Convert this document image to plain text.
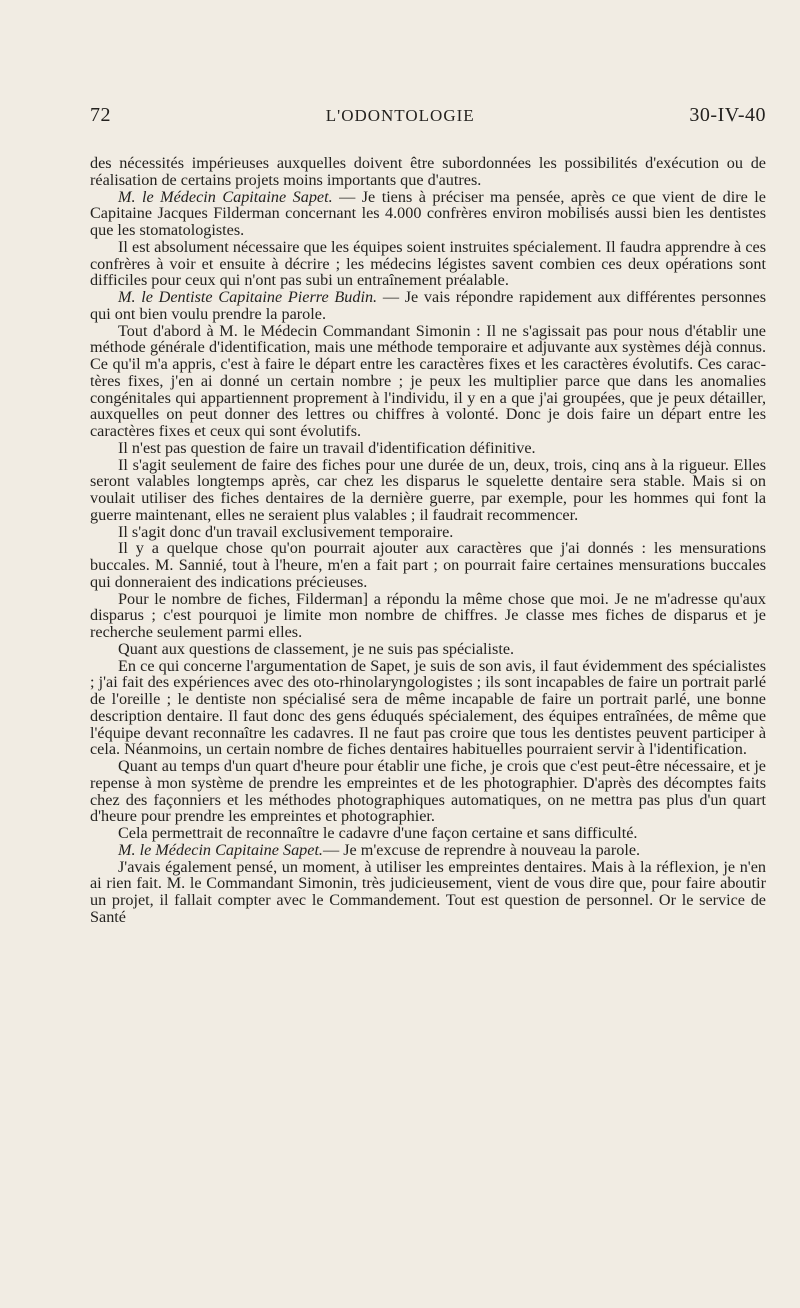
72	L'ODONTOLOGIE	30-IV-40

des nécessités impérieuses auxquelles doivent être subordonnées les possibilités d'exécution ou de réalisation de certains projets moins importants que d'autres.

M. le Médecin Capitaine Sapet. — Je tiens à préciser ma pensée, après ce que vient de dire le Capitaine Jacques Filderman concernant les 4.000 confrères environ mobilisés aussi bien les dentistes que les stomatologistes.

Il est absolument nécessaire que les équipes soient instruites spécialement. Il faudra apprendre à ces confrères à voir et ensuite à décrire ; les médecins légistes savent combien ces deux opérations sont difficiles pour ceux qui n'ont pas subi un entraînement préalable.

M. le Dentiste Capitaine Pierre Budin. — Je vais répondre rapidement aux différentes personnes qui ont bien voulu prendre la parole.

Tout d'abord à M. le Médecin Commandant Simonin : Il ne s'agissait pas pour nous d'établir une méthode générale d'identification, mais une méthode temporaire et adjuvante aux systèmes déjà connus. Ce qu'il m'a appris, c'est à faire le départ entre les caractères fixes et les caractères évolutifs. Ces caractères fixes, j'en ai donné un certain nombre ; je peux les multiplier parce que dans les anomalies congénitales qui appartiennent proprement à l'individu, il y en a que j'ai groupées, que je peux détailler, auxquelles on peut donner des lettres ou chiffres à volonté. Donc je dois faire un départ entre les caractères fixes et ceux qui sont évolutifs.

Il n'est pas question de faire un travail d'identification définitive.

Il s'agit seulement de faire des fiches pour une durée de un, deux, trois, cinq ans à la rigueur. Elles seront valables longtemps après, car chez les disparus le squelette dentaire sera stable. Mais si on voulait utiliser des fiches dentaires de la dernière guerre, par exemple, pour les hommes qui font la guerre maintenant, elles ne seraient plus valables ; il faudrait recommencer.

Il s'agit donc d'un travail exclusivement temporaire.

Il y a quelque chose qu'on pourrait ajouter aux caractères que j'ai donnés : les mensurations buccales. M. Sannié, tout à l'heure, m'en a fait part ; on pourrait faire certaines mensurations buccales qui donneraient des indications précieuses.

Pour le nombre de fiches, Filderman] a répondu la même chose que moi. Je ne m'adresse qu'aux disparus ; c'est pourquoi je limite mon nombre de chiffres. Je classe mes fiches de disparus et je recherche seulement parmi elles.

Quant aux questions de classement, je ne suis pas spécialiste.

En ce qui concerne l'argumentation de Sapet, je suis de son avis, il faut évidemment des spécialistes ; j'ai fait des expériences avec des oto-rhinolaryngologistes ; ils sont incapables de faire un portrait parlé de l'oreille ; le dentiste non spécialisé sera de même incapable de faire un portrait parlé, une bonne description dentaire. Il faut donc des gens éduqués spécialement, des équipes entraînées, de même que l'équipe devant reconnaître les cadavres. Il ne faut pas croire que tous les dentistes peuvent participer à cela. Néanmoins, un certain nombre de fiches dentaires habituelles pourraient servir à l'identification.

Quant au temps d'un quart d'heure pour établir une fiche, je crois que c'est peut-être nécessaire, et je repense à mon système de prendre les empreintes et de les photographier. D'après des décomptes faits chez des façonniers et les méthodes photographiques automatiques, on ne mettra pas plus d'un quart d'heure pour prendre les empreintes et photographier.

Cela permettrait de reconnaître le cadavre d'une façon certaine et sans difficulté.

M. le Médecin Capitaine Sapet.— Je m'excuse de reprendre à nouveau la parole.

J'avais également pensé, un moment, à utiliser les empreintes dentaires. Mais à la réflexion, je n'en ai rien fait. M. le Commandant Simonin, très judicieusement, vient de vous dire que, pour faire aboutir un projet, il fallait compter avec le Commandement. Tout est question de personnel. Or le service de Santé
